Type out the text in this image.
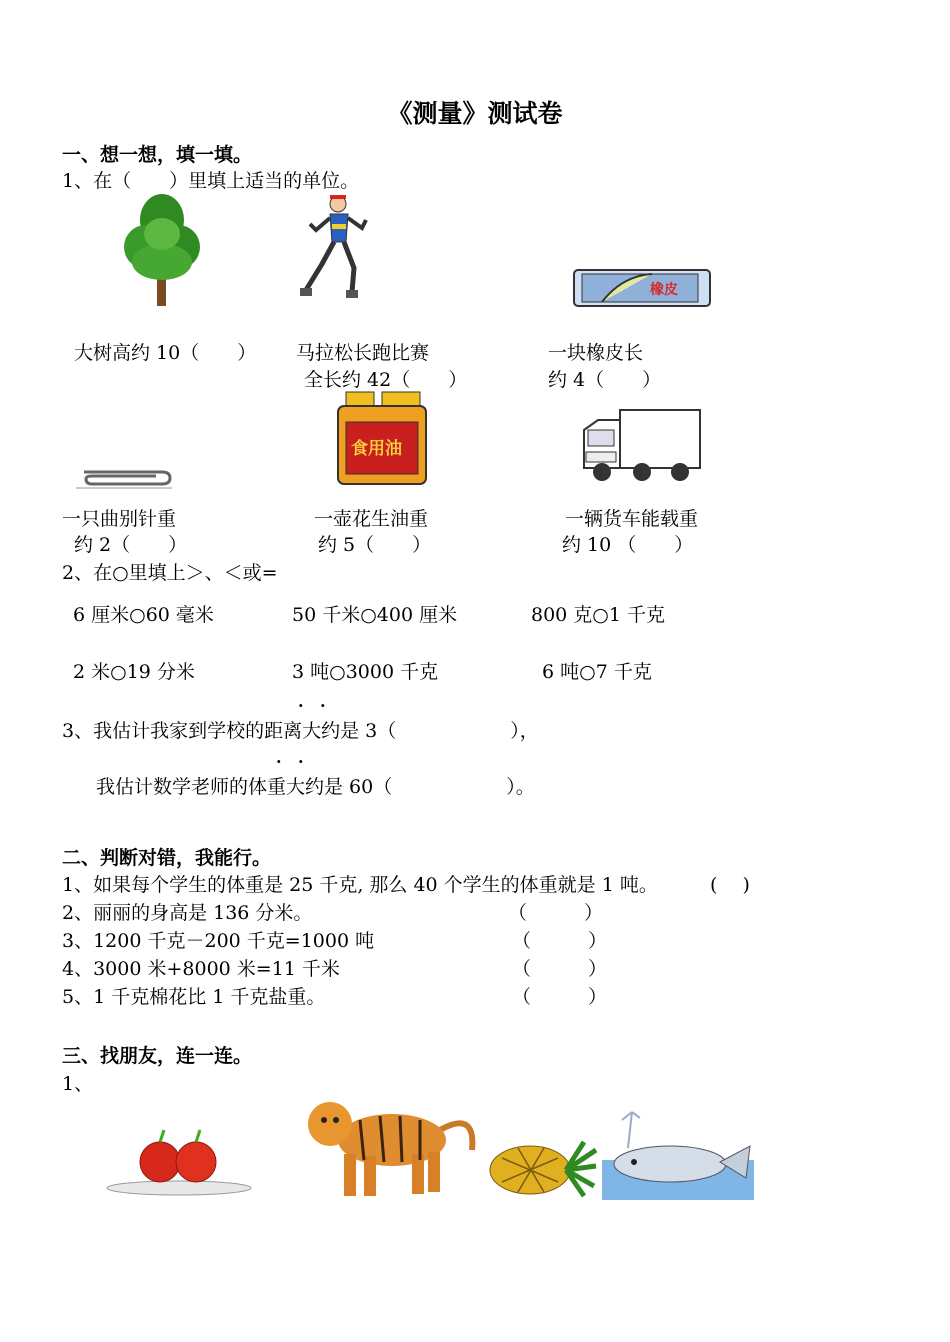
《测量》测试卷
一、想一想，填一填。
1、在（　　）里填上适当的单位。
橡皮
大树高约 10（　　） 马拉松长跑比赛
全长约 42（　　）
一块橡皮长
约 4（　　）
食用油
一只曲别针重
约 2（　　）
一壶花生油重
约 5（　　）
一辆货车能载重
约 10 （　　）
2、在○里填上＞、＜或=
6 厘米○60 毫米	50 千米○400 厘米	800 克○1 千克
2 米○19 分米	3 吨○3000 千克	6 吨○7 千克
· ·
3、我估计我家到学校的距离大约是 3（　　　　　　），
· ·
我估计数学老师的体重大约是 60（　　　　　　）。
二、判断对错，我能行。
1、如果每个学生的体重是 25 千克, 那么 40 个学生的体重就是 1 吨。	(　 )
2、丽丽的身高是 136 分米。	（　　　）
3、1200 千克－200 千克=1000 吨	（　　　）
4、3000 米+8000 米=11 千米	（　　　）
5、1 千克棉花比 1 千克盐重。	（　　　）
三、找朋友，连一连。
1、
